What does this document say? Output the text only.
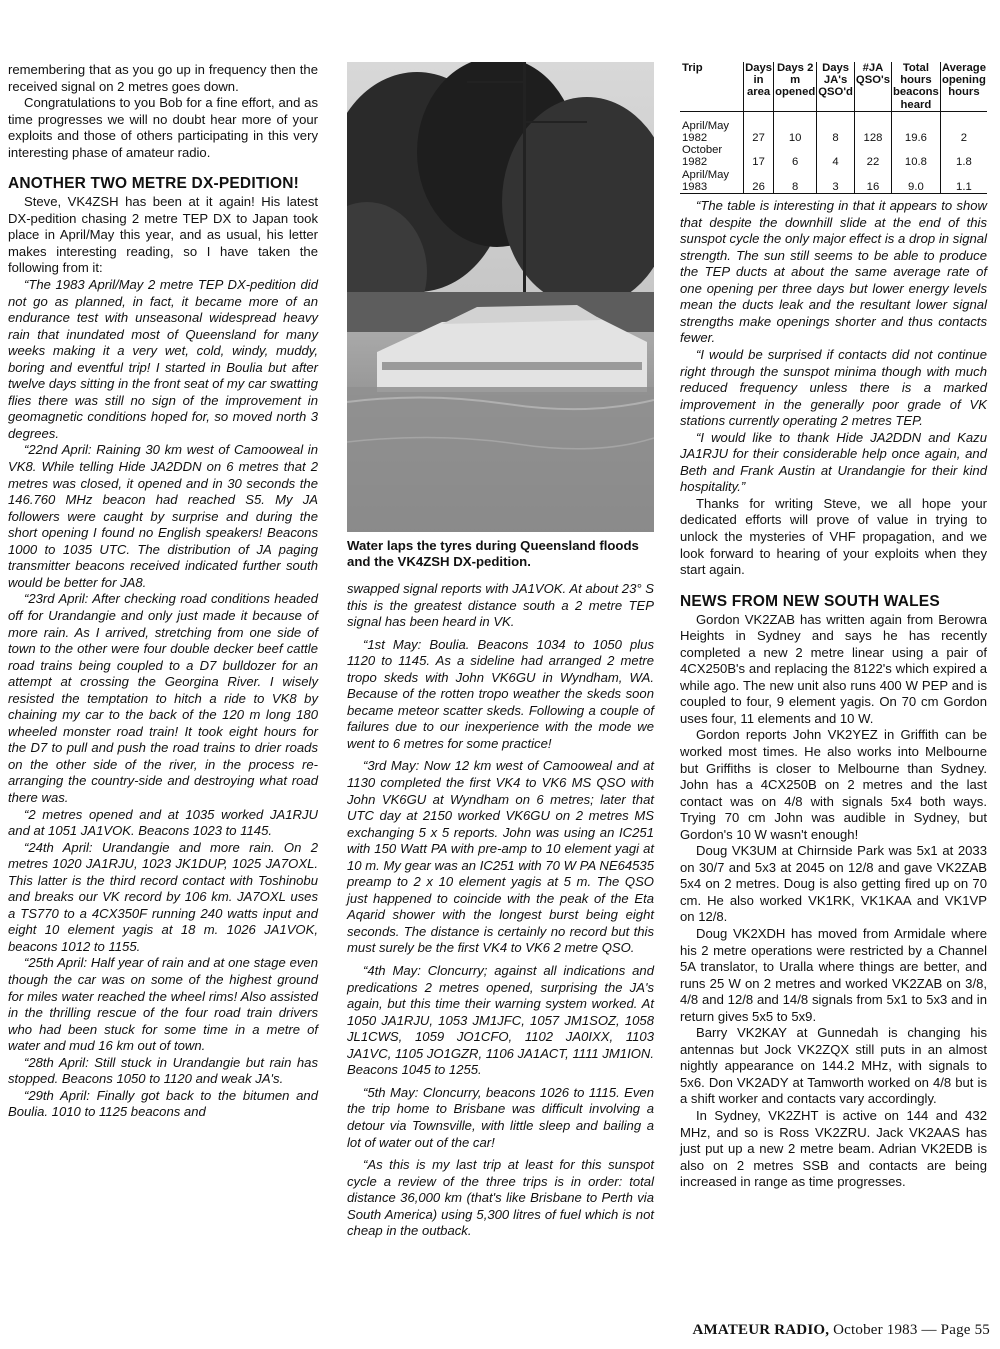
remembering that as you go up in frequency then the received signal on 2 metres goes down.

Congratulations to you Bob for a fine effort, and as time progresses we will no doubt hear more of your exploits and those of others participating in this very interesting phase of amateur radio.

ANOTHER TWO METRE DX-PEDITION!

Steve, VK4ZSH has been at it again! His latest DX-pedition chasing 2 metre TEP DX to Japan took place in April/May this year, and as usual, his letter makes interesting reading, so I have taken the following from it:

“The 1983 April/May 2 metre TEP DX-pedition did not go as planned, in fact, it became more of an endurance test with unseasonal widespread heavy rain that inundated most of Queensland for many weeks making it a very wet, cold, windy, muddy, boring and eventful trip! I started in Boulia but after twelve days sitting in the front seat of my car swatting flies there was still no sign of the improvement in geomagnetic conditions hoped for, so moved north 3 degrees.

“22nd April: Raining 30 km west of Camooweal in VK8. While telling Hide JA2DDN on 6 metres that 2 metres was closed, it opened and in 30 seconds the 146.760 MHz beacon had reached S5. My JA followers were caught by surprise and during the short opening I found no English speakers! Beacons 1000 to 1035 UTC. The distribution of JA paging transmitter beacons received indicated further south would be better for JA8.

“23rd April: After checking road conditions headed off for Urandangie and only just made it because of more rain. As I arrived, stretching from one side of town to the other were four double decker beef cattle road trains being coupled to a D7 bulldozer for an attempt at crossing the Georgina River. I wisely resisted the temptation to hitch a ride to VK8 by chaining my car to the back of the 120 m long 180 wheeled monster road train! It took eight hours for the D7 to pull and push the road trains to drier roads on the other side of the river, in the process re-arranging the country-side and destroying what road there was.

“2 metres opened and at 1035 worked JA1RJU and at 1051 JA1VOK. Beacons 1023 to 1145.

“24th April: Urandangie and more rain. On 2 metres 1020 JA1RJU, 1023 JK1DUP, 1025 JA7OXL. This latter is the third record contact with Toshinobu and breaks our VK record by 106 km. JA7OXL uses a TS770 to a 4CX350F running 240 watts input and eight 10 element yagis at 18 m. 1026 JA1VOK, beacons 1012 to 1155.

“25th April: Half year of rain and at one stage even though the car was on some of the highest ground for miles water reached the wheel rims! Also assisted in the thrilling rescue of the four road train drivers who had been stuck for some time in a metre of water and mud 16 km out of town.

“28th April: Still stuck in Urandangie but rain has stopped. Beacons 1050 to 1120 and weak JA's.

“29th April: Finally got back to the bitumen and Boulia. 1010 to 1125 beacons and

Water laps the tyres during Queensland floods and the VK4ZSH DX-pedition.

swapped signal reports with JA1VOK. At about 23° S this is the greatest distance south a 2 metre TEP signal has been heard in VK.

“1st May: Boulia. Beacons 1034 to 1050 plus 1120 to 1145. As a sideline had arranged 2 metre tropo skeds with John VK6GU in Wyndham, WA. Because of the rotten tropo weather the skeds soon became meteor scatter skeds. Following a couple of failures due to our inexperience with the mode we went to 6 metres for some practice!

“3rd May: Now 12 km west of Camooweal and at 1130 completed the first VK4 to VK6 MS QSO with John VK6GU at Wyndham on 6 metres; later that UTC day at 2150 worked VK6GU on 2 metres MS exchanging 5 x 5 reports. John was using an IC251 with 150 Watt PA with pre-amp to 10 element yagi at 10 m. My gear was an IC251 with 70 W PA NE64535 preamp to 2 x 10 element yagis at 5 m. The QSO just happened to coincide with the peak of the Eta Aqarid shower with the longest burst being eight seconds. The distance is certainly no record but this must surely be the first VK4 to VK6 2 metre QSO.

“4th May: Cloncurry; against all indications and predications 2 metres opened, surprising the JA's again, but this time their warning system worked. At 1050 JA1RJU, 1053 JM1JFC, 1057 JM1SOZ, 1058 JL1CWS, 1059 JO1CFO, 1102 JA0IXX, 1103 JA1VC, 1105 JO1GZR, 1106 JA1ACT, 1111 JM1ION. Beacons 1045 to 1255.

“5th May: Cloncurry, beacons 1026 to 1115. Even the trip home to Brisbane was difficult involving a detour via Townsville, with little sleep and bailing a lot of water out of the car!

“As this is my last trip at least for this sunspot cycle a review of the three trips is in order: total distance 36,000 km (that's like Brisbane to Perth via South America) using 5,300 litres of fuel which is not cheap in the outback.

Trip	Days in area	Days 2 m opened	Days JA's QSO'd	#JA QSO's	Total hours beacons heard	Average opening hours
April/May 1982	27	10	8	128	19.6	2
October 1982	17	6	4	22	10.8	1.8
April/May 1983	26	8	3	16	9.0	1.1

“The table is interesting in that it appears to show that despite the downhill slide at the end of this sunspot cycle the only major effect is a drop in signal strength. The sun still seems to be able to produce the TEP ducts at about the same average rate of one opening per three days but lower energy levels mean the ducts leak and the resultant lower signal strengths make openings shorter and thus contacts fewer.

“I would be surprised if contacts did not continue right through the sunspot minima though with much reduced frequency unless there is a marked improvement in the generally poor grade of VK stations currently operating 2 metres TEP.

“I would like to thank Hide JA2DDN and Kazu JA1RJU for their considerable help once again, and Beth and Frank Austin at Urandangie for their kind hospitality.”

Thanks for writing Steve, we all hope your dedicated efforts will prove of value in trying to unlock the mysteries of VHF propagation, and we look forward to hearing of your exploits when they start again.

NEWS FROM NEW SOUTH WALES

Gordon VK2ZAB has written again from Berowra Heights in Sydney and says he has recently completed a new 2 metre linear using a pair of 4CX250B's and replacing the 8122's which expired a while ago. The new unit also runs 400 W PEP and is coupled to four, 9 element yagis. On 70 cm Gordon uses four, 11 elements and 10 W.

Gordon reports John VK2YEZ in Griffith can be worked most times. He also works into Melbourne but Griffiths is closer to Melbourne than Sydney. John has a 4CX250B on 2 metres and the last contact was on 4/8 with signals 5x4 both ways. Trying 70 cm John was audible in Sydney, but Gordon's 10 W wasn't enough!

Doug VK3UM at Chirnside Park was 5x1 at 2033 on 30/7 and 5x3 at 2045 on 12/8 and gave VK2ZAB 5x4 on 2 metres. Doug is also getting fired up on 70 cm. He also worked VK1RK, VK1KAA and VK1VP on 12/8.

Doug VK2XDH has moved from Armidale where his 2 metre operations were restricted by a Channel 5A translator, to Uralla where things are better, and runs 25 W on 2 metres and worked VK2ZAB on 3/8, 4/8 and 12/8 and 14/8 signals from 5x1 to 5x3 and in return gives 5x5 to 5x9.

Barry VK2KAY at Gunnedah is changing his antennas but Jock VK2ZQX still puts in an almost nightly appearance on 144.2 MHz, with signals to 5x6. Don VK2ADY at Tamworth worked on 4/8 but is a shift worker and contacts vary accordingly.

In Sydney, VK2ZHT is active on 144 and 432 MHz, and so is Ross VK2ZRU. Jack VK2AAS has just put up a new 2 metre beam. Adrian VK2EDB is also on 2 metres SSB and contacts are being increased in range as time progresses.

AMATEUR RADIO, October 1983 — Page 55
